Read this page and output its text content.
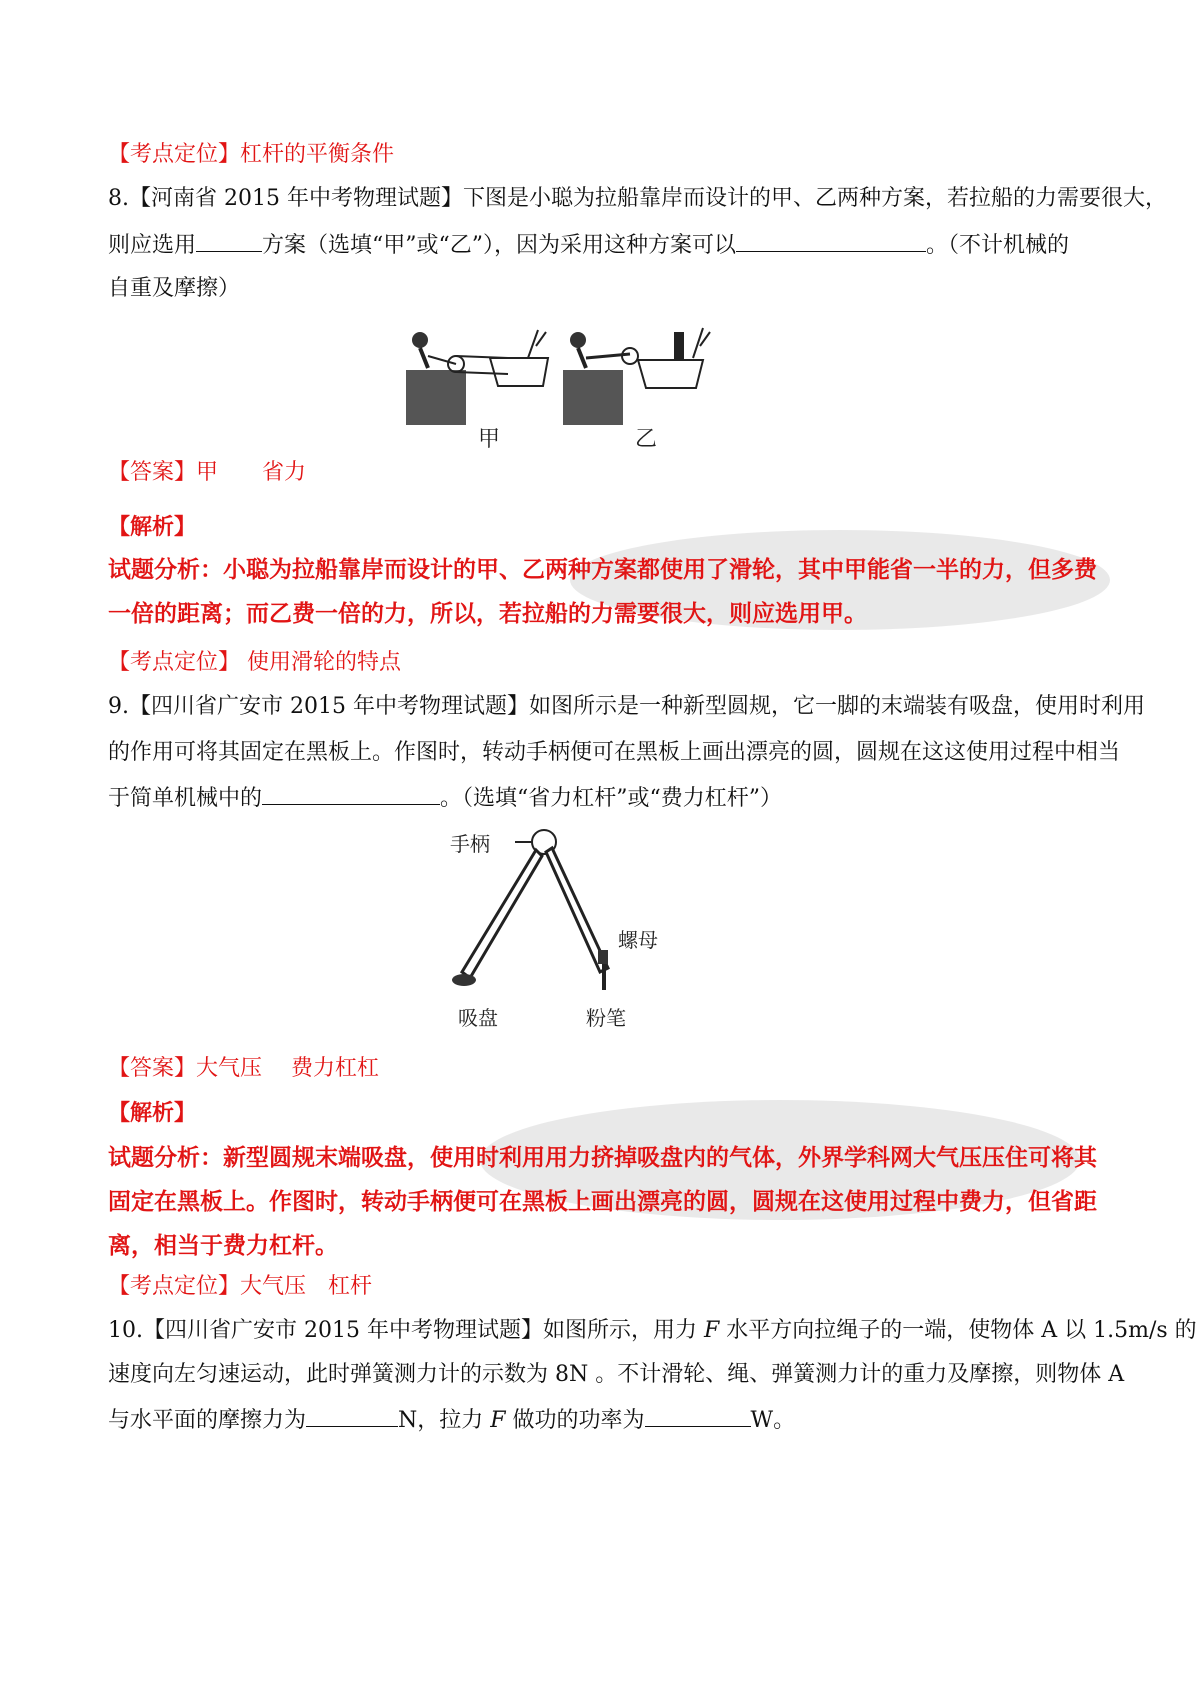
【考点定位】杠杆的平衡条件
8.【河南省 2015 年中考物理试题】下图是小聪为拉船靠岸而设计的甲、乙两种方案，若拉船的力需要很大，
则应选用	方案（选填“甲”或“乙”），因为采用这种方案可以	。（不计机械的
自重及摩擦）
甲	乙
【答案】甲　　省力
【解析】
试题分析：小聪为拉船靠岸而设计的甲、乙两种方案都使用了滑轮，其中甲能省一半的力，但多费一倍的距离；而乙费一倍的力，所以，若拉船的力需要很大，则应选用甲。
【考点定位】 使用滑轮的特点
9.【四川省广安市 2015 年中考物理试题】如图所示是一种新型圆规，它一脚的末端装有吸盘，使用时利用
的作用可将其固定在黑板上。作图时，转动手柄便可在黑板上画出漂亮的圆，圆规在这这使用过程中相当
于简单机械中的	。（选填“省力杠杆”或“费力杠杆”）
手柄
螺母
吸盘	粉笔
【答案】大气压　 费力杠杠
【解析】
试题分析：新型圆规末端吸盘，使用时利用用力挤掉吸盘内的气体，外界学科网大气压压住可将其固定在黑板上。作图时，转动手柄便可在黑板上画出漂亮的圆，圆规在这使用过程中费力，但省距离，相当于费力杠杆。
【考点定位】大气压　杠杆
10.【四川省广安市 2015 年中考物理试题】如图所示，用力 F 水平方向拉绳子的一端，使物体 A 以 1.5m/s 的
速度向左匀速运动，此时弹簧测力计的示数为 8N 。不计滑轮、绳、弹簧测力计的重力及摩擦，则物体 A
与水平面的摩擦力为	N，拉力 F 做功的功率为	W。
